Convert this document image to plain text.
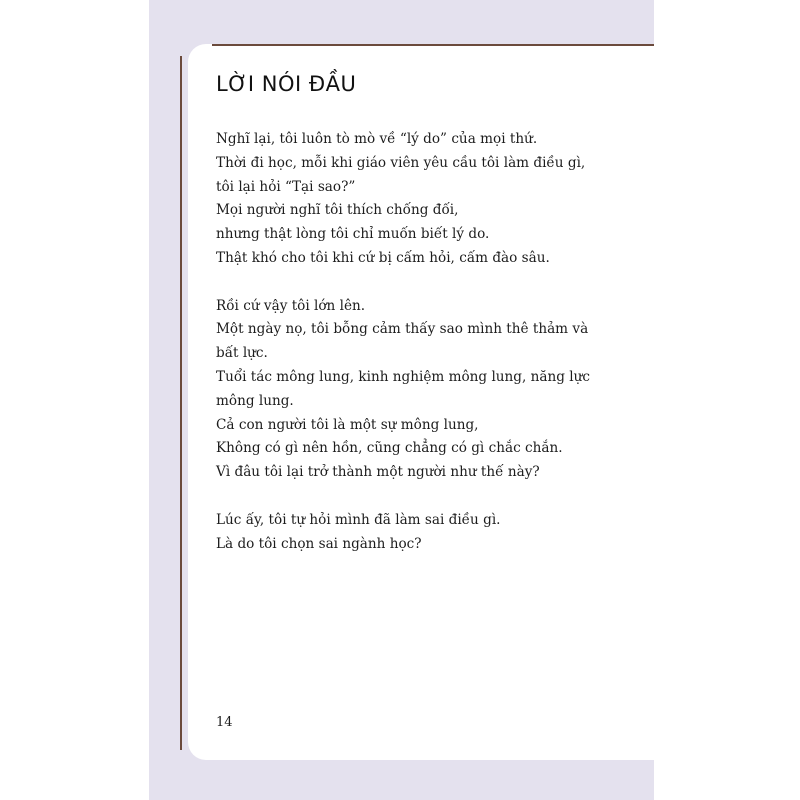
LỜI NÓI ĐẦU

Nghĩ lại, tôi luôn tò mò về “lý do” của mọi thứ.
Thời đi học, mỗi khi giáo viên yêu cầu tôi làm điều gì,
tôi lại hỏi “Tại sao?”
Mọi người nghĩ tôi thích chống đối,
nhưng thật lòng tôi chỉ muốn biết lý do.
Thật khó cho tôi khi cứ bị cấm hỏi, cấm đào sâu.

Rồi cứ vậy tôi lớn lên.
Một ngày nọ, tôi bỗng cảm thấy sao mình thê thảm và
bất lực.
Tuổi tác mông lung, kinh nghiệm mông lung, năng lực
mông lung.
Cả con người tôi là một sự mông lung,
Không có gì nên hồn, cũng chẳng có gì chắc chắn.
Vì đâu tôi lại trở thành một người như thế này?

Lúc ấy, tôi tự hỏi mình đã làm sai điều gì.
Là do tôi chọn sai ngành học?

14
